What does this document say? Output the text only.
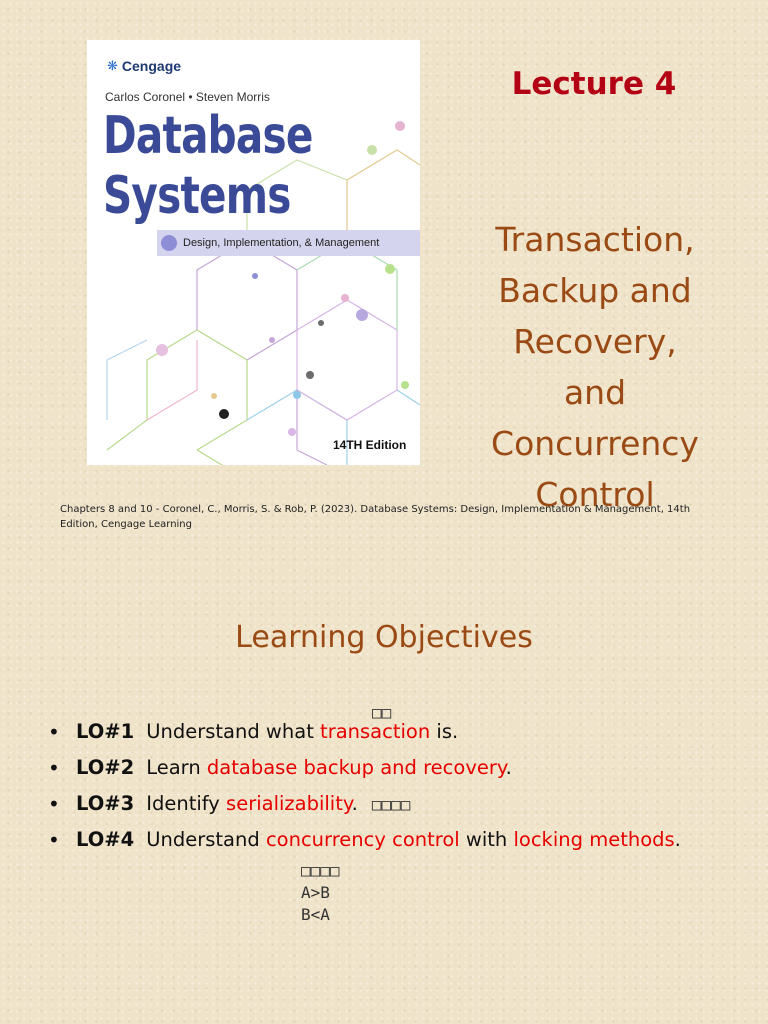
❋ Cengage
Carlos Coronel • Steven Morris
Database
Systems
Design, Implementation, & Management
14TH Edition
Lecture 4
Transaction,
Backup and
Recovery,
and
Concurrency
Control
Chapters 8 and 10 - Coronel, C., Morris, S. & Rob, P. (2023). Database Systems: Design, Implementation & Management, 14th Edition, Cengage Learning
Learning Objectives
□□
• LO#1 Understand what transaction is.
• LO#2 Learn database backup and recovery.
• LO#3 Identify serializability. □□□□
• LO#4 Understand concurrency control with locking methods.
□□□□
A>B
B<A
